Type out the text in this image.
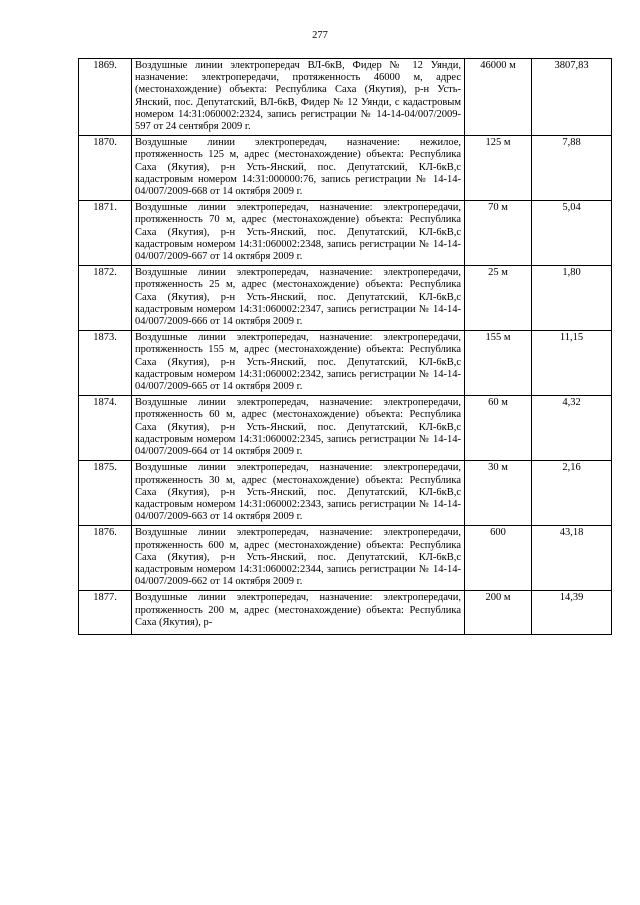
277
1869.	Воздушные линии электропередач ВЛ-6кВ, Фидер № 12 Уянди, назначение: электропередачи, протяженность 46000 м, адрес (местонахождение) объекта: Республика Саха (Якутия), р-н Усть-Янский, пос. Депутатский, ВЛ-6кВ, Фидер № 12 Уянди, с кадастровым номером 14:31:060002:2324, запись регистрации № 14-14-04/007/2009-597 от 24 сентября 2009 г.	46000 м	3807,83
1870.	Воздушные линии электропередач, назначение: нежилое, протяженность 125 м, адрес (местонахождение) объекта: Республика Саха (Якутия), р-н Усть-Янский, пос. Депутатский, КЛ-6кВ,с кадастровым номером 14:31:000000:76, запись регистрации № 14-14-04/007/2009-668 от 14 октября 2009 г.	125 м	7,88
1871.	Воздушные линии электропередач, назначение: электропередачи, протяженность 70 м, адрес (местонахождение) объекта: Республика Саха (Якутия), р-н Усть-Янский, пос. Депутатский, КЛ-6кВ,с кадастровым номером 14:31:060002:2348, запись регистрации № 14-14-04/007/2009-667 от 14 октября 2009 г.	70 м	5,04
1872.	Воздушные линии электропередач, назначение: электропередачи, протяженность 25 м, адрес (местонахождение) объекта: Республика Саха (Якутия), р-н Усть-Янский, пос. Депутатский, КЛ-6кВ,с кадастровым номером 14:31:060002:2347, запись регистрации № 14-14-04/007/2009-666 от 14 октября 2009 г.	25 м	1,80
1873.	Воздушные линии электропередач, назначение: электропередачи, протяженность 155 м, адрес (местонахождение) объекта: Республика Саха (Якутия), р-н Усть-Янский, пос. Депутатский, КЛ-6кВ,с кадастровым номером 14:31:060002:2342, запись регистрации № 14-14-04/007/2009-665 от 14 октября 2009 г.	155 м	11,15
1874.	Воздушные линии электропередач, назначение: электропередачи, протяженность 60 м, адрес (местонахождение) объекта: Республика Саха (Якутия), р-н Усть-Янский, пос. Депутатский, КЛ-6кВ,с кадастровым номером 14:31:060002:2345, запись регистрации № 14-14-04/007/2009-664 от 14 октября 2009 г.	60 м	4,32
1875.	Воздушные линии электропередач, назначение: электропередачи, протяженность 30 м, адрес (местонахождение) объекта: Республика Саха (Якутия), р-н Усть-Янский, пос. Депутатский, КЛ-6кВ,с кадастровым номером 14:31:060002:2343, запись регистрации № 14-14-04/007/2009-663 от 14 октября 2009 г.	30 м	2,16
1876.	Воздушные линии электропередач, назначение: электропередачи, протяженность 600 м, адрес (местонахождение) объекта: Республика Саха (Якутия), р-н Усть-Янский, пос. Депутатский, КЛ-6кВ,с кадастровым номером 14:31:060002:2344, запись регистрации № 14-14-04/007/2009-662 от 14 октября 2009 г.	600	43,18
1877.	Воздушные линии электропередач, назначение: электропередачи, протяженность 200 м, адрес (местонахождение) объекта: Республика Саха (Якутия), р-	200 м	14,39
